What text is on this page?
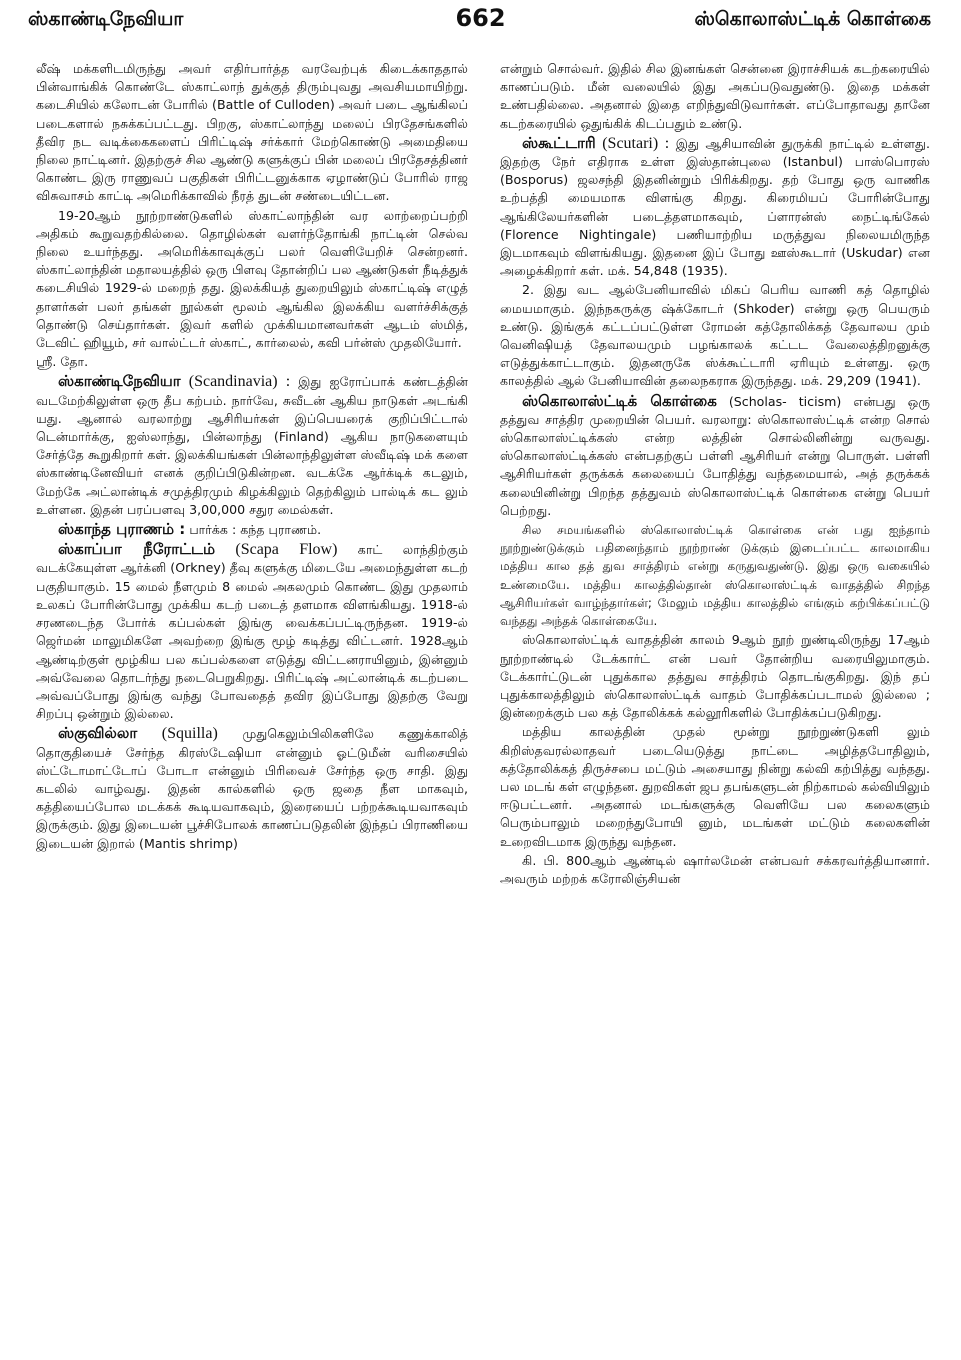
ஸ்காண்டிநேவியா	662	ஸ்கொலாஸ்ட்டிக் கொள்கை

லீஷ் மக்களிடமிருந்து அவர் எதிர்பார்த்த வரவேற்புக் கிடைக்காததால் பின்வாங்கிக் கொண்டே ஸ்காட்லாந் துக்குத் திரும்புவது அவசியமாயிற்று. கடைசியில் கலோடன் போரில் (Battle of Culloden) அவர் படை ஆங்கிலப் படைகளால் நசுக்கப்பட்டது. பிறகு, ஸ்காட்லாந்து மலைப் பிரதேசங்களில் தீவிர நட வடிக்கைகளைப் பிரிட்டிஷ் சர்க்கார் மேற்கொண்டு அமைதியை நிலை நாட்டினர். இதற்குச் சில ஆண்டு களுக்குப் பின் மலைப் பிரதேசத்தினர் கொண்ட இரு ராணுவப் பகுதிகள் பிரிட்டனுக்காக ஏழாண்டுப் போரில் ராஜ விசுவாசம் காட்டி அமெரிக்காவில் நீரத் துடன் சண்டையிட்டன.

19-20ஆம் நூற்றாண்டுகளில் ஸ்காட்லாந்தின் வர லாற்றைப்பற்றி அதிகம் கூறுவதற்கில்லை. தொழில்கள் வளர்ந்தோங்கி நாட்டின் செல்வ நிலை உயர்ந்தது. அமெரிக்காவுக்குப் பலர் வெளியேறிச் சென்றனர். ஸ்காட்லாந்தின் மதாலயத்தில் ஒரு பிளவு தோன்றிப் பல ஆண்டுகள் நீடித்துக் கடைசியில் 1929-ல் மறைந் தது. இலக்கியத் துறையிலும் ஸ்காட்டிஷ் எழுத் தாளர்கள் பலர் தங்கள் நூல்கள் மூலம் ஆங்கில இலக்கிய வளர்ச்சிக்குத் தொண்டு செய்தார்கள். இவர் களில் முக்கியமானவர்கள் ஆடம் ஸ்மித், டேவிட் ஹியூம், சர் வால்ட்டர் ஸ்காட், கார்லைல், கவி பர்ன்ஸ் முதலியோர்.

ஸ்ரீ. தோ.

ஸ்காண்டிநேவியா (Scandinavia) : இது ஐரோப்பாக் கண்டத்தின் வடமேற்கிலுள்ள ஒரு தீப கற்பம். நார்வே, சுவீடன் ஆகிய நாடுகள் அடங்கி யது. ஆனால் வரலாற்று ஆசிரியர்கள் இப்பெயரைக் குறிப்பிட்டால் டென்மார்க்கு, ஐஸ்லாந்து, பின்லாந்து (Finland) ஆகிய நாடுகளையும் சேர்த்தே கூறுகிறார் கள். இலக்கியங்கள் பின்லாந்திலுள்ள ஸ்வீடிஷ் மக் களை ஸ்காண்டினேவியர் எனக் குறிப்பிடுகின்றன. வடக்கே ஆர்க்டிக் கடலும், மேற்கே அட்லான்டிக் சமுத்திரமும் கிழக்கிலும் தெற்கிலும் பால்டிக் கட லும் உள்ளன. இதன் பரப்பளவு 3,00,000 சதுர மைல்கள்.

ஸ்காந்த புராணம் : பார்க்க : கந்த புராணம்.

ஸ்காப்பா நீரோட்டம் (Scapa Flow) காட் லாந்திற்கும் வடக்கேயுள்ள ஆர்க்னி (Orkney) தீவு களுக்கு மிடையே அமைந்துள்ள கடற் பகுதியாகும். 15 மைல் நீளமும் 8 மைல் அகலமும் கொண்ட இது முதலாம் உலகப் போரின்போது முக்கிய கடற் படைத் தளமாக விளங்கியது. 1918-ல் சரணடைந்த போர்க் கப்பல்கள் இங்கு வைக்கப்பட்டிருந்தன. 1919-ல் ஜெர்மன் மாலுமிகளே அவற்றை இங்கு மூழ் கடித்து விட்டனர். 1928ஆம் ஆண்டிற்குள் மூழ்கிய பல கப்பல்களை எடுத்து விட்டனராயினும், இன்னும் அவ்வேலை தொடர்ந்து நடைபெறுகிறது. பிரிட்டிஷ் அட்லான்டிக் கடற்படை அவ்வப்போது இங்கு வந்து போவதைத் தவிர இப்போது இதற்கு வேறு சிறப்பு ஒன்றும் இல்லை.

ஸ்குவில்லா (Squilla) முதுகெலும்பிலிகளிலே கணுக்காலித் தொகுதியைச் சேர்ந்த கிரஸ்டேஷியா என்னும் ஓட்டுமீன் வரிசையில் ஸ்ட்டோமாட்டோப் போடா என்னும் பிரிவைச் சேர்ந்த ஒரு சாதி. இது கடலில் வாழ்வது. இதன் கால்களில் ஒரு ஜதை நீள மாகவும், கத்தியைப்போல மடக்கக் கூடியவாகவும், இரையைப் பற்றக்கூடியவாகவும் இருக்கும். இது இடையன் பூச்சிபோலக் காணப்படுதலின் இந்தப் பிராணியை இடையன் இறால் (Mantis shrimp)

என்றும் சொல்வர். இதில் சில இனங்கள் சென்னை இராச்சியக் கடற்கரையில் காணப்படும். மீன் வலையில் இது அகப்படுவதுண்டு. இதை மக்கள் உண்பதில்லை. அதனால் இதை எறிந்துவிடுவார்கள். எப்போதாவது தானே கடற்கரையில் ஒதுங்கிக் கிடப்பதும் உண்டு.

ஸ்கூட்டாரி (Scutari) : இது ஆசியாவின் துருக்கி நாட்டில் உள்ளது. இதற்கு நேர் எதிராக உள்ள இஸ்தான்புலை (Istanbul) பாஸ்பொரஸ் (Bosporus) ஜலசந்தி இதனின்றும் பிரிக்கிறது. தற் போது ஒரு வாணிக உற்பத்தி மையமாக விளங்கு கிறது. கிரைமியப் போரின்போது ஆங்கிலேயர்களின் படைத்தளமாகவும், ப்ளாரன்ஸ் நைட்டிங்கேல் (Florence Nightingale) பணியாற்றிய மருத்துவ நிலையமிருந்த இடமாகவும் விளங்கியது. இதனை இப் போது ஊஸ்கூடார் (Uskudar) என அழைக்கிறார் கள். மக். 54,848 (1935).

2. இது வட ஆல்பேனியாவில் மிகப் பெரிய வாணி கத் தொழில் மையமாகும். இந்நகருக்கு ஷ்க்கோடர் (Shkoder) என்று ஒரு பெயரும் உண்டு. இங்குக் கட்டப்பட்டுள்ள ரோமன் கத்தோலிக்கத் தேவாலய மும் வெனிஷியத் தேவாலயமும் பழங்காலக் கட்டட வேலைத்திறனுக்கு எடுத்துக்காட்டாகும். இதனருகே ஸ்க்கூட்டாரி ஏரியும் உள்ளது. ஒரு காலத்தில் ஆல் பேனியாவின் தலைநகராக இருந்தது. மக். 29,209 (1941).

ஸ்கொலாஸ்ட்டிக் கொள்கை (Scholas- ticism) என்பது ஒரு தத்துவ சாத்திர முறையின் பெயர். வரலாறு: ஸ்கொலாஸ்ட்டிக் என்ற சொல் ஸ்கொலாஸ்ட்டிக்கஸ் என்ற லத்தின் சொல்லினின்று வருவது. ஸ்கொலாஸ்ட்டிக்கஸ் என்பதற்குப் பள்ளி ஆசிரியர் என்று பொருள். பள்ளி ஆசிரியர்கள் தருக்கக் கலையைப் போதித்து வந்தமையால், அத் தருக்கக் கலையினின்று பிறந்த தத்துவம் ஸ்கொலாஸ்ட்டிக் கொள்கை என்று பெயர் பெற்றது.

சில சமயங்களில் ஸ்கொலாஸ்ட்டிக் கொள்கை என் பது ஐந்தாம் நூற்றுண்டுக்கும் பதினைந்தாம் நூற்றாண் டுக்கும் இடைப்பட்ட காலமாகிய மத்திய கால தத் துவ சாத்திரம் என்று கருதுவதுண்டு. இது ஒரு வகையில் உண்மையே. மத்திய காலத்தில்தான் ஸ்கொலாஸ்ட்டிக் வாதத்தில் சிறந்த ஆசிரியர்கள் வாழ்ந்தார்கள்; மேலும் மத்திய காலத்தில் எங்கும் கற்பிக்கப்பட்டு வந்தது அந்தக் கொள்கையே.

ஸ்கொலாஸ்ட்டிக் வாதத்தின் காலம் 9ஆம் நூற் றுண்டிலிருந்து 17ஆம் நூற்றாண்டில் டேக்கார்ட் என் பவர் தோன்றிய வரையிலுமாகும். டேக்கார்ட்டுடன் புதுக்கால தத்துவ சாத்திரம் தொடங்குகிறது. இந் தப் புதுக்காலத்திலும் ஸ்கொலாஸ்ட்டிக் வாதம் போதிக்கப்படாமல் இல்லை ; இன்றைக்கும் பல கத் தோலிக்கக் கல்லூரிகளில் போதிக்கப்படுகிறது.

மத்திய காலத்தின் முதல் மூன்று நூற்றுண்டுகளி லும் கிறிஸ்தவரல்லாதவர் படையெடுத்து நாட்டை அழித்தபோதிலும், கத்தோலிக்கத் திருச்சபை மட்டும் அசையாது நின்று கல்வி கற்பித்து வந்தது. பல மடங் கள் எழுந்தன. துறவிகள் ஜப தபங்களுடன் நிற்காமல் கல்வியிலும் ஈடுபட்டனர். அதனால் மடங்களுக்கு வெளியே பல கலைகளும் பெரும்பாலும் மறைந்துபோயி னும், மடங்கள் மட்டும் கலைகளின் உறைவிடமாக இருந்து வந்தன.

கி. பி. 800ஆம் ஆண்டில் ஷார்லமேன் என்பவர் சக்கரவர்த்தியானார். அவரும் மற்றக் கரோலிஞ்சியன்
